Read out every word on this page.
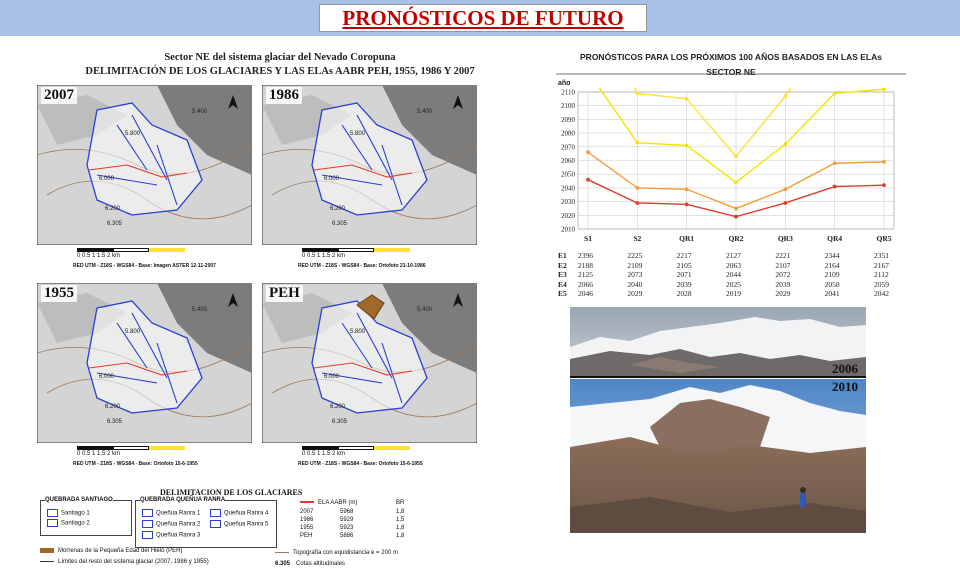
PRONÓSTICOS DE FUTURO
Sector NE del sistema glaciar del Nevado Coropuna
DELIMITACIÓN DE LOS GLACIARES Y LAS ELAs AABR PEH, 1955, 1986 Y 2007
6.000
6.200
5.800
5.400
6.305
2007
0 0.5 1 1.5 2 km
RED UTM - Z18S - WGS84 - Base: Imagen ASTER 12-11-2007
6.000
6.200
5.800
5.400
6.305
1986
0 0.5 1 1.5 2 km
RED UTM - Z18S - WGS84 - Base: Ortofoto 21-10-1986
6.000
6.200
5.800
5.400
6.305
1955
0 0.5 1 1.5 2 km
RED UTM - Z18S - WGS84 - Base: Ortofoto 15-6-1955
6.000
6.200
5.800
5.400
6.305
PEH
0 0.5 1 1.5 2 km
RED UTM - Z18S - WGS84 - Base: Ortofoto 15-6-1955
DELIMITACION DE LOS GLACIARES
QUEBRADA SANTIAGO
Santiago 1
Santiago 2
QUEBRADA QUEÑUA RANRA
Queñua Ranra 1
Queñua Ranra 2
Queñua Ranra 3
Queñua Ranra 4
Queñua Ranra 5
ELA AABR (m)	BR
2007	5968	1,8
1986	5929	1,5
1955	5923	1,8
PEH	5886	1,8
Morrenas de la Pequeña Edad del Hielo (PEH)
Límites del resto del sistema glaciar (2007, 1986 y 1955)
Topografía con equidistancia e = 200 m
6.305 Cotas altitudinales
PRONÓSTICOS PARA LOS PRÓXIMOS 100 AÑOS BASADOS EN LAS ELAs
SECTOR NE
año
2010
2020
2030
2040
2050
2060
2070
2080
2090
2100
2110
S1	S2	QR1	QR2	QR3	QR4	QR5
E1 2396	2225	2217	2127	2221	2344	2351
E2 2188	2109	2105	2063	2107	2164	2167
E3 2125	2073	2071	2044	2072	2109	2112
E4 2066	2040	2039	2025	2039	2058	2059
E5 2046	2029	2028	2019	2029	2041	2042
2006
2010
